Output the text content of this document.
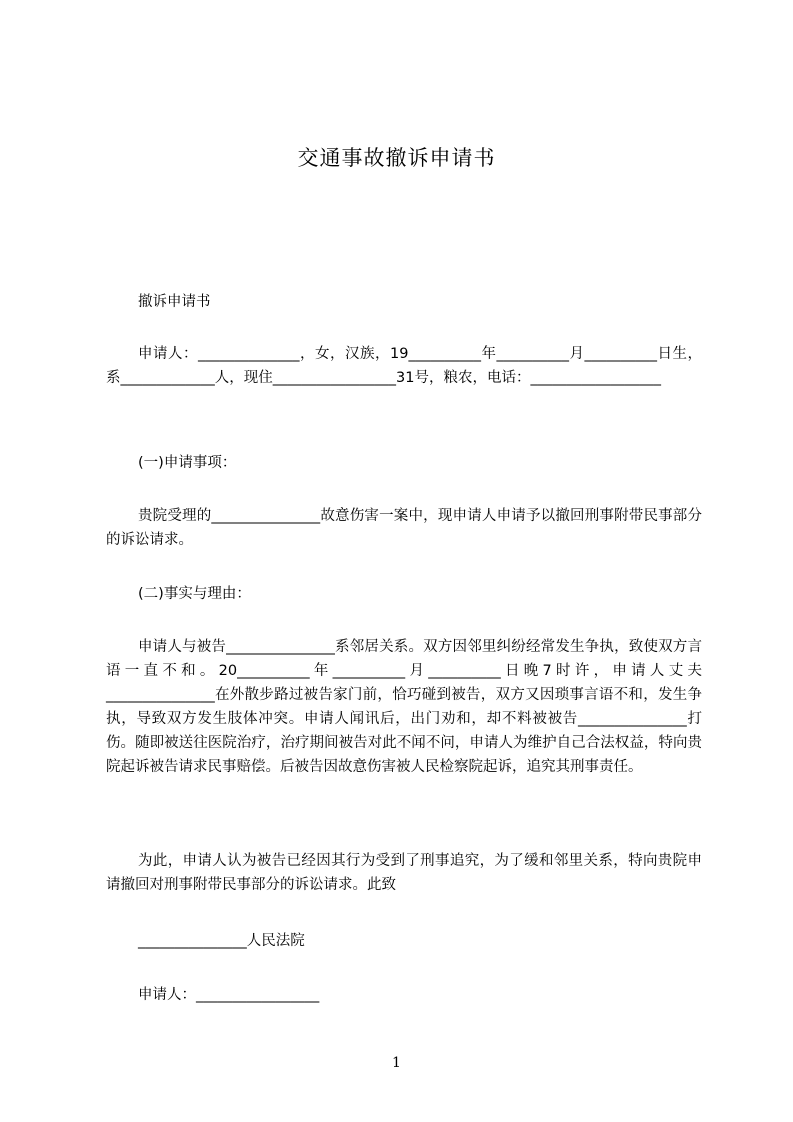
交通事故撤诉申请书

撤诉申请书

申请人：______________，女，汉族，19__________年__________月__________日生，系_____________人，现住_________________31号，粮农，电话：__________________

(一)申请事项：

贵院受理的_______________故意伤害一案中，现申请人申请予以撤回刑事附带民事部分的诉讼请求。

(二)事实与理由：

申请人与被告_______________系邻居关系。双方因邻里纠纷经常发生争执，致使双方言语一直不和。20__________年__________月__________日晚7时许，申请人丈夫_______________在外散步路过被告家门前，恰巧碰到被告，双方又因琐事言语不和，发生争执，导致双方发生肢体冲突。申请人闻讯后，出门劝和，却不料被被告_______________打伤。随即被送往医院治疗，治疗期间被告对此不闻不问，申请人为维护自己合法权益，特向贵院起诉被告请求民事赔偿。后被告因故意伤害被人民检察院起诉，追究其刑事责任。

为此，申请人认为被告已经因其行为受到了刑事追究，为了缓和邻里关系，特向贵院申请撤回对刑事附带民事部分的诉讼请求。此致

_______________人民法院

申请人：_________________

1
